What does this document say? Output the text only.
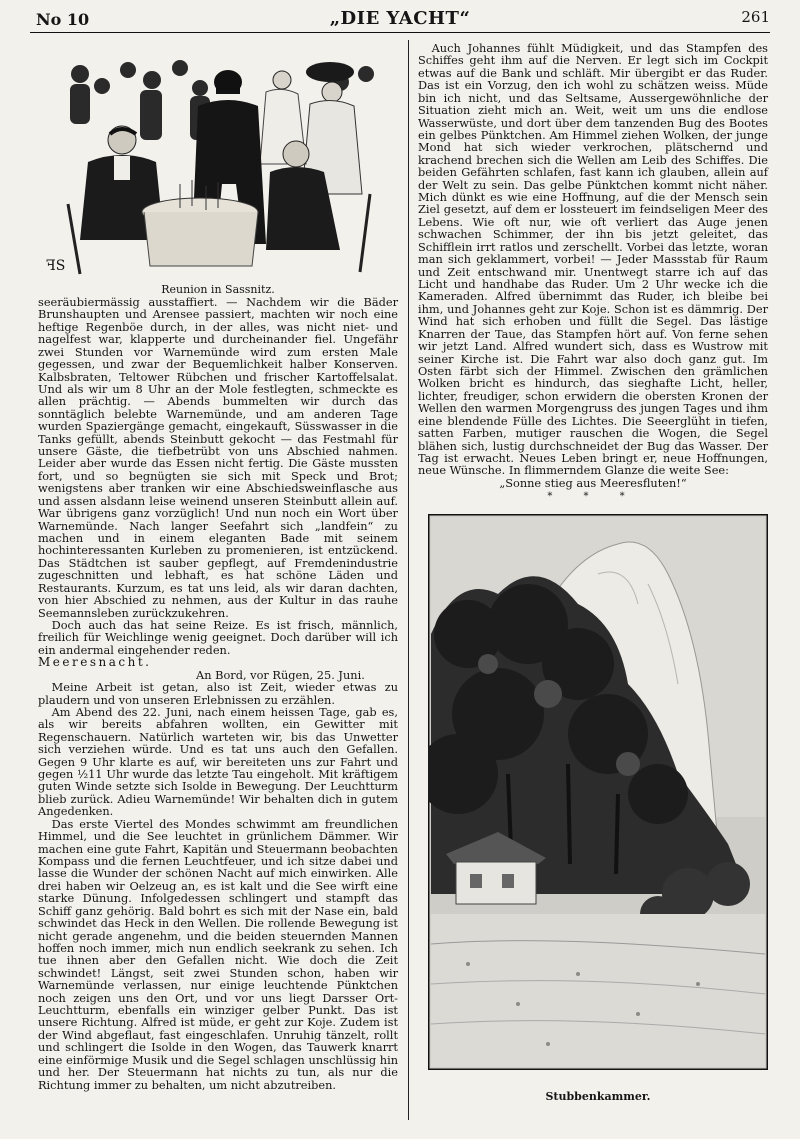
No 10	„DIE YACHT“	261
ꟻS
Reunion in Sassnitz.

seeräubiermässig ausstaffiert. — Nachdem wir die Bäder Brunshaupten und Arensee passiert, machten wir noch eine heftige Regenböe durch, in der alles, was nicht niet- und nagelfest war, klapperte und durcheinander fiel. Ungefähr zwei Stunden vor Warnemünde wird zum ersten Male gegessen, und zwar der Bequemlichkeit halber Konserven. Kalbsbraten, Teltower Rübchen und frischer Kartoffelsalat. Und als wir um 8 Uhr an der Mole festlegten, schmeckte es allen prächtig. — Abends bummelten wir durch das sonntäglich belebte Warnemünde, und am anderen Tage wurden Spaziergänge gemacht, eingekauft, Süsswasser in die Tanks gefüllt, abends Steinbutt gekocht — das Festmahl für unsere Gäste, die tiefbetrübt von uns Abschied nahmen. Leider aber wurde das Essen nicht fertig. Die Gäste mussten fort, und so begnügten sie sich mit Speck und Brot; wenigstens aber tranken wir eine Abschiedsweinflasche aus und assen alsdann leise weinend unseren Steinbutt allein auf. War übrigens ganz vorzüglich! Und nun noch ein Wort über Warnemünde. Nach langer Seefahrt sich „landfein“ zu machen und in einem eleganten Bade mit seinem hochinteressanten Kurleben zu promenieren, ist entzückend. Das Städtchen ist sauber gepflegt, auf Fremdenindustrie zugeschnitten und lebhaft, es hat schöne Läden und Restaurants. Kurzum, es tat uns leid, als wir daran dachten, von hier Abschied zu nehmen, aus der Kultur in das rauhe Seemannsleben zurückzukehren.

Doch auch das hat seine Reize. Es ist frisch, männlich, freilich für Weichlinge wenig geeignet. Doch darüber will ich ein andermal eingehender reden.

Meeresnacht.

An Bord, vor Rügen, 25. Juni.

Meine Arbeit ist getan, also ist Zeit, wieder etwas zu plaudern und von unseren Erlebnissen zu erzählen.

Am Abend des 22. Juni, nach einem heissen Tage, gab es, als wir bereits abfahren wollten, ein Gewitter mit Regenschauern. Natürlich warteten wir, bis das Unwetter sich verziehen würde. Und es tat uns auch den Gefallen. Gegen 9 Uhr klarte es auf, wir bereiteten uns zur Fahrt und gegen ½11 Uhr wurde das letzte Tau eingeholt. Mit kräftigem guten Winde setzte sich Isolde in Bewegung. Der Leuchtturm blieb zurück. Adieu Warnemünde! Wir behalten dich in gutem Angedenken.

Das erste Viertel des Mondes schwimmt am freundlichen Himmel, und die See leuchtet in grünlichem Dämmer. Wir machen eine gute Fahrt, Kapitän und Steuermann beobachten Kompass und die fernen Leuchtfeuer, und ich sitze dabei und lasse die Wunder der schönen Nacht auf mich einwirken. Alle drei haben wir Oelzeug an, es ist kalt und die See wirft eine starke Dünung. Infolgedessen schlingert und stampft das Schiff ganz gehörig. Bald bohrt es sich mit der Nase ein, bald schwindet das Heck in den Wellen. Die rollende Bewegung ist nicht gerade angenehm, und die beiden steuernden Mannen hoffen noch immer, mich nun endlich seekrank zu sehen. Ich tue ihnen aber den Gefallen nicht. Wie doch die Zeit schwindet! Längst, seit zwei Stunden schon, haben wir Warnemünde verlassen, nur einige leuchtende Pünktchen noch zeigen uns den Ort, und vor uns liegt Darsser Ort-Leuchtturm, ebenfalls ein winziger gelber Punkt. Das ist unsere Richtung. Alfred ist müde, er geht zur Koje. Zudem ist der Wind abgeflaut, fast eingeschlafen. Unruhig tänzelt, rollt und schlingert die Isolde in den Wogen, das Tauwerk knarrt eine einförmige Musik und die Segel schlagen unschlüssig hin und her. Der Steuermann hat nichts zu tun, als nur die Richtung immer zu behalten, um nicht abzutreiben.

Auch Johannes fühlt Müdigkeit, und das Stampfen des Schiffes geht ihm auf die Nerven. Er legt sich im Cockpit etwas auf die Bank und schläft. Mir übergibt er das Ruder. Das ist ein Vorzug, den ich wohl zu schätzen weiss. Müde bin ich nicht, und das Seltsame, Aussergewöhnliche der Situation zieht mich an. Weit, weit um uns die endlose Wasserwüste, und dort über dem tanzenden Bug des Bootes ein gelbes Pünktchen. Am Himmel ziehen Wolken, der junge Mond hat sich wieder verkrochen, plätschernd und krachend brechen sich die Wellen am Leib des Schiffes. Die beiden Gefährten schlafen, fast kann ich glauben, allein auf der Welt zu sein. Das gelbe Pünktchen kommt nicht näher. Mich dünkt es wie eine Hoffnung, auf die der Mensch sein Ziel gesetzt, auf dem er lossteuert im feindseligen Meer des Lebens. Wie oft nur, wie oft verliert das Auge jenen schwachen Schimmer, der ihn bis jetzt geleitet, das Schifflein irrt ratlos und zerschellt. Vorbei das letzte, woran man sich geklammert, vorbei! — Jeder Massstab für Raum und Zeit entschwand mir. Unentwegt starre ich auf das Licht und handhabe das Ruder. Um 2 Uhr wecke ich die Kameraden. Alfred übernimmt das Ruder, ich bleibe bei ihm, und Johannes geht zur Koje. Schon ist es dämmrig. Der Wind hat sich erhoben und füllt die Segel. Das lästige Knarren der Taue, das Stampfen hört auf. Von ferne sehen wir jetzt Land. Alfred wundert sich, dass es Wustrow mit seiner Kirche ist. Die Fahrt war also doch ganz gut. Im Osten färbt sich der Himmel. Zwischen den grämlichen Wolken bricht es hindurch, das sieghafte Licht, heller, lichter, freudiger, schon erwidern die obersten Kronen der Wellen den warmen Morgengruss des jungen Tages und ihm eine blendende Fülle des Lichtes. Die Seeerglüht in tiefen, satten Farben, mutiger rauschen die Wogen, die Segel blähen sich, lustig durchschneidet der Bug das Wasser. Der Tag ist erwacht. Neues Leben bringt er, neue Hoffnungen, neue Wünsche. In flimmerndem Glanze die weite See:

„Sonne stieg aus Meeresfluten!“

* * *

Stubbenkammer.
